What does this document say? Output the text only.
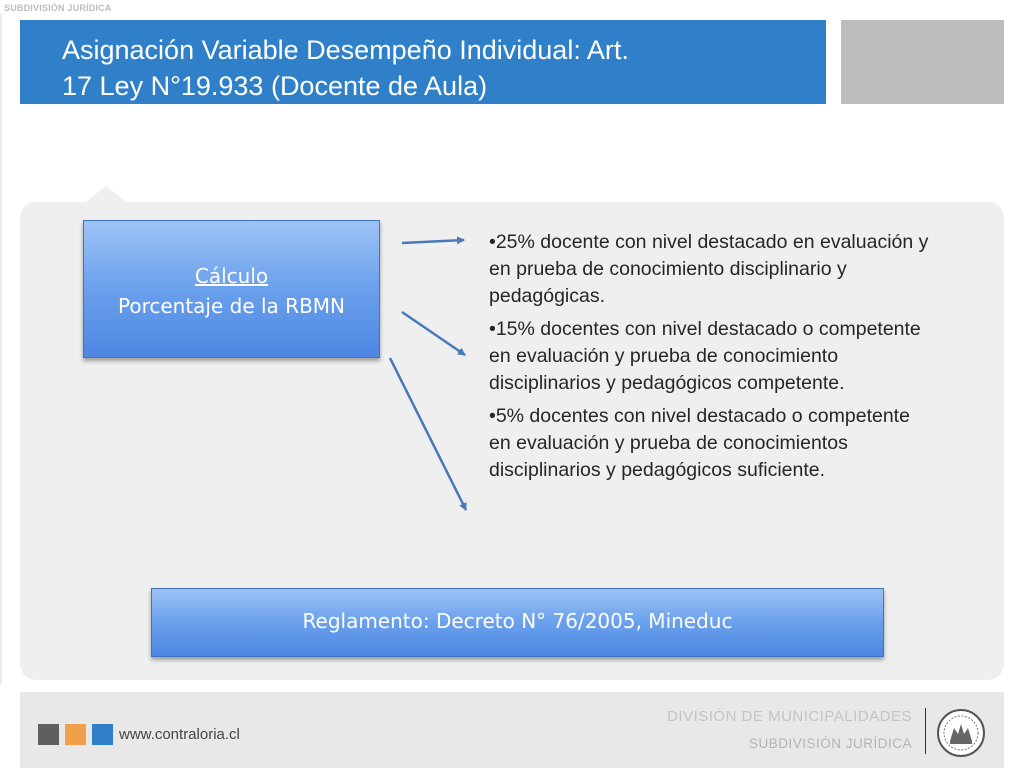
SUBDIVISIÓN JURÍDICA
Asignación Variable Desempeño Individual: Art.
17 Ley N°19.933 (Docente de Aula)
Cálculo
Porcentaje de la RBMN

•25% docente con nivel destacado en evaluación y en prueba de conocimiento disciplinario y pedagógicas.

•15% docentes con nivel destacado o competente en evaluación y prueba de conocimiento disciplinarios y pedagógicos competente.

•5% docentes con nivel destacado o competente en evaluación y prueba de conocimientos disciplinarios y pedagógicos suficiente.

Reglamento: Decreto N° 76/2005, Mineduc
www.contraloria.cl
DIVISIÓN DE MUNICIPALIDADES
SUBDIVISIÓN JURÍDICA
